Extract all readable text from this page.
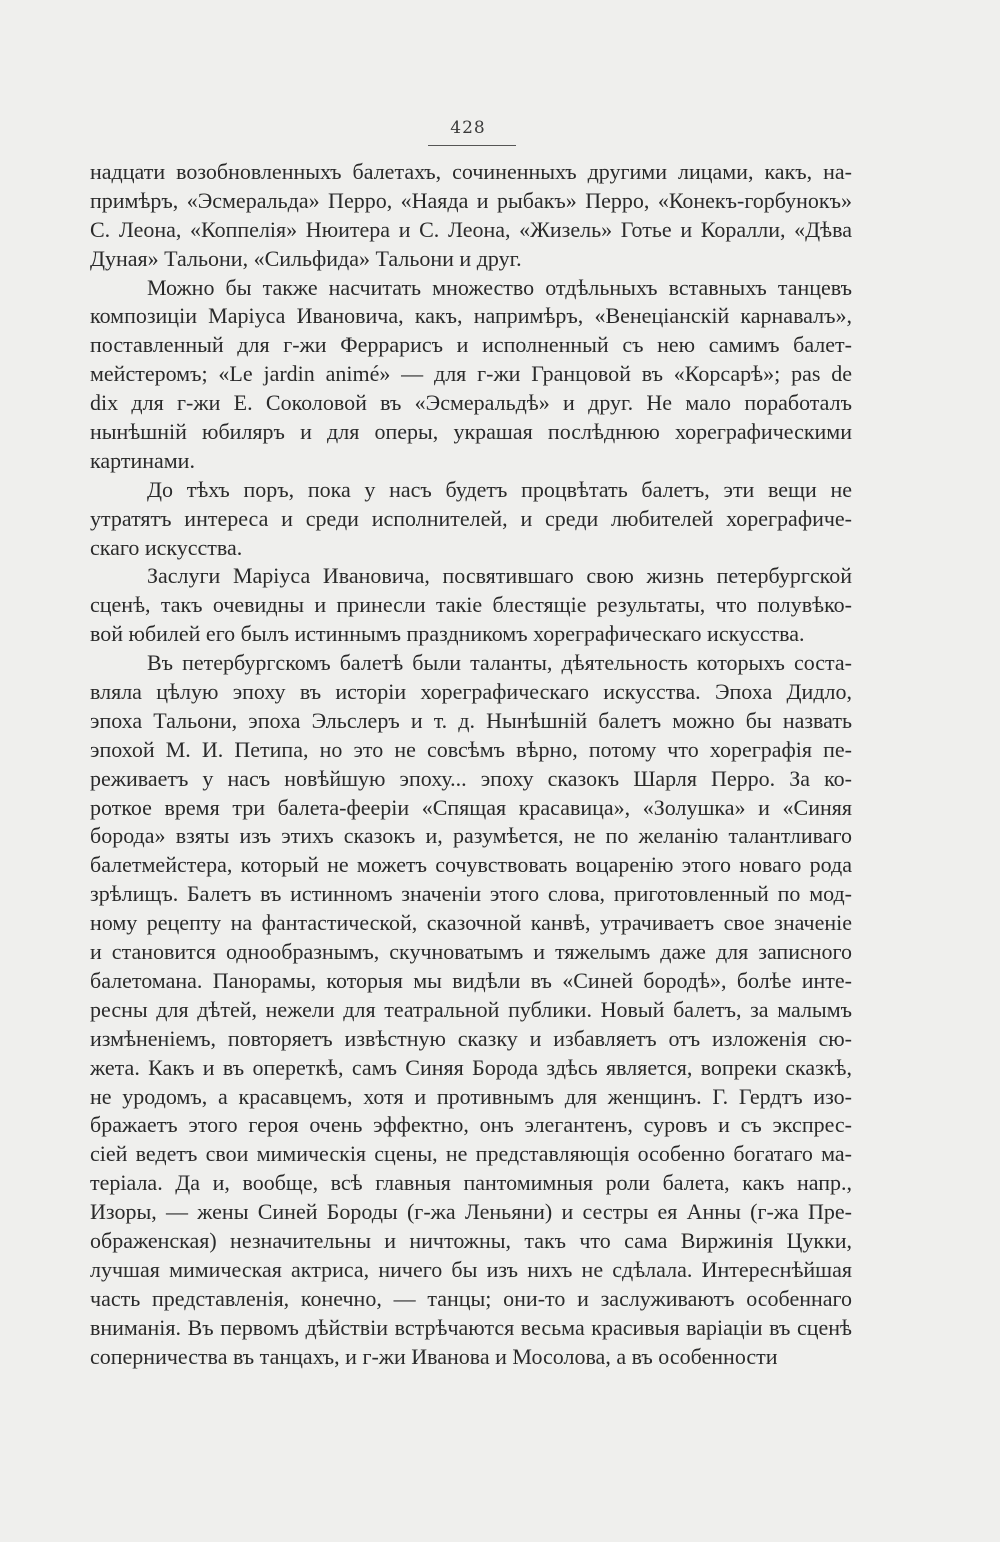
428
надцати возобновленныхъ балетахъ, сочиненныхъ другими лицами, какъ, на-
примѣръ, «Эсмеральда» Перро, «Наяда и рыбакъ» Перро, «Конекъ-горбунокъ»
С. Леона, «Коппелія» Нюитера и С. Леона, «Жизель» Готье и Коралли, «Дѣва
Дуная» Тальони, «Сильфида» Тальони и друг.
Можно бы также насчитать множество отдѣльныхъ вставныхъ танцевъ
композиціи Маріуса Ивановича, какъ, напримѣръ, «Венеціанскій карнавалъ»,
поставленный для г-жи Феррарисъ и исполненный съ нею самимъ балет-
мейстеромъ; «Le jardin animé» — для г-жи Гранцовой въ «Корсарѣ»; pas de
dix для г-жи Е. Соколовой въ «Эсмеральдѣ» и друг. Не мало поработалъ
нынѣшній юбиляръ и для оперы, украшая послѣднюю хореграфическими
картинами.
До тѣхъ поръ, пока у насъ будетъ процвѣтать балетъ, эти вещи не
утратятъ интереса и среди исполнителей, и среди любителей хореграфиче-
скаго искусства.
Заслуги Маріуса Ивановича, посвятившаго свою жизнь петербургской
сценѣ, такъ очевидны и принесли такіе блестящіе результаты, что полувѣко-
вой юбилей его былъ истиннымъ праздникомъ хореграфическаго искусства.
Въ петербургскомъ балетѣ были таланты, дѣятельность которыхъ соста-
вляла цѣлую эпоху въ исторіи хореграфическаго искусства. Эпоха Дидло,
эпоха Тальони, эпоха Эльслеръ и т. д. Нынѣшній балетъ можно бы назвать
эпохой М. И. Петипа, но это не совсѣмъ вѣрно, потому что хореграфія пе-
реживаетъ у насъ новѣйшую эпоху... эпоху сказокъ Шарля Перро. За ко-
роткое время три балета-феерiи «Спящая красавица», «Золушка» и «Синяя
борода» взяты изъ этихъ сказокъ и, разумѣется, не по желанію талантливаго
балетмейстера, который не можетъ сочувствовать воцаренію этого новаго рода
зрѣлищъ. Балетъ въ истинномъ значеніи этого слова, приготовленный по мод-
ному рецепту на фантастической, сказочной канвѣ, утрачиваетъ свое значеніе
и становится однообразнымъ, скучноватымъ и тяжелымъ даже для записного
балетомана. Панорамы, которыя мы видѣли въ «Синей бородѣ», болѣе инте-
ресны для дѣтей, нежели для театральной публики. Новый балетъ, за малымъ
измѣненіемъ, повторяетъ извѣстную сказку и избавляетъ отъ изложенія сю-
жета. Какъ и въ опереткѣ, самъ Синяя Борода здѣсь является, вопреки сказкѣ,
не уродомъ, а красавцемъ, хотя и противнымъ для женщинъ. Г. Гердтъ изо-
бражаетъ этого героя очень эффектно, онъ элегантенъ, суровъ и съ экспрес-
сіей ведетъ свои мимическія сцены, не представляющія особенно богатаго ма-
теріала. Да и, вообще, всѣ главныя пантомимныя роли балета, какъ напр.,
Изоры, — жены Синей Бороды (г-жа Леньяни) и сестры ея Анны (г-жа Пре-
ображенская) незначительны и ничтожны, такъ что сама Виржинія Цукки,
лучшая мимическая актриса, ничего бы изъ нихъ не сдѣлала. Интереснѣйшая
часть представленія, конечно, — танцы; они-то и заслуживаютъ особеннаго
вниманія. Въ первомъ дѣйствіи встрѣчаются весьма красивыя варіаціи въ сценѣ
соперничества въ танцахъ, и г-жи Иванова и Мосолова, а въ особенности
